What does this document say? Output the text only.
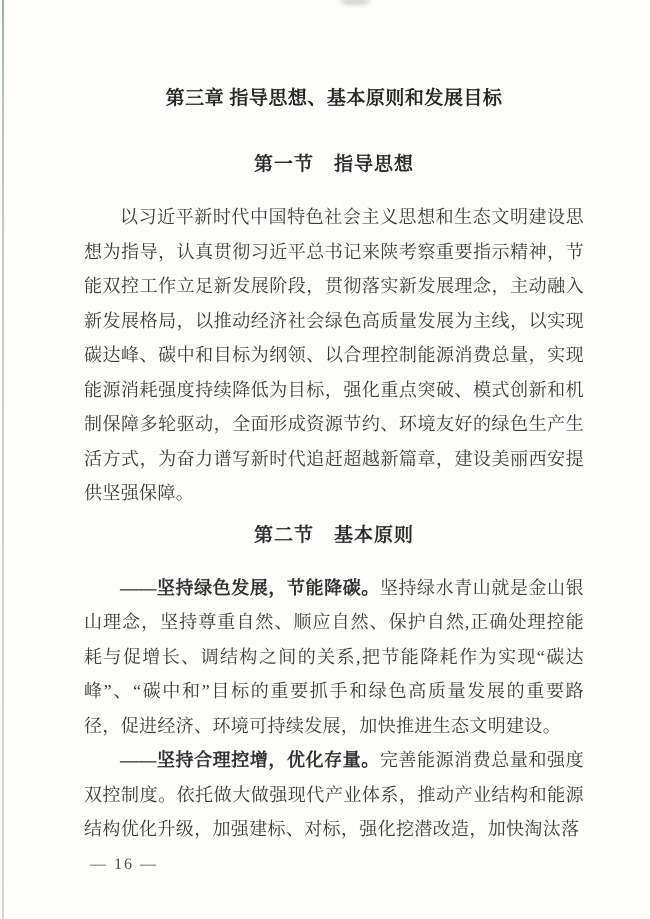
第三章 指导思想、基本原则和发展目标
第一节　指导思想

以习近平新时代中国特色社会主义思想和生态文明建设思想为指导，认真贯彻习近平总书记来陕考察重要指示精神，节能双控工作立足新发展阶段，贯彻落实新发展理念，主动融入新发展格局，以推动经济社会绿色高质量发展为主线，以实现碳达峰、碳中和目标为纲领、以合理控制能源消费总量，实现能源消耗强度持续降低为目标，强化重点突破、模式创新和机制保障多轮驱动，全面形成资源节约、环境友好的绿色生产生活方式，为奋力谱写新时代追赶超越新篇章，建设美丽西安提供坚强保障。

第二节　基本原则

——坚持绿色发展，节能降碳。坚持绿水青山就是金山银山理念，坚持尊重自然、顺应自然、保护自然,正确处理控能耗与促增长、调结构之间的关系,把节能降耗作为实现“碳达峰”、“碳中和”目标的重要抓手和绿色高质量发展的重要路径，促进经济、环境可持续发展，加快推进生态文明建设。

——坚持合理控增，优化存量。完善能源消费总量和强度双控制度。依托做大做强现代产业体系，推动产业结构和能源结构优化升级，加强建标、对标，强化挖潜改造，加快淘汰落

— 16 —
